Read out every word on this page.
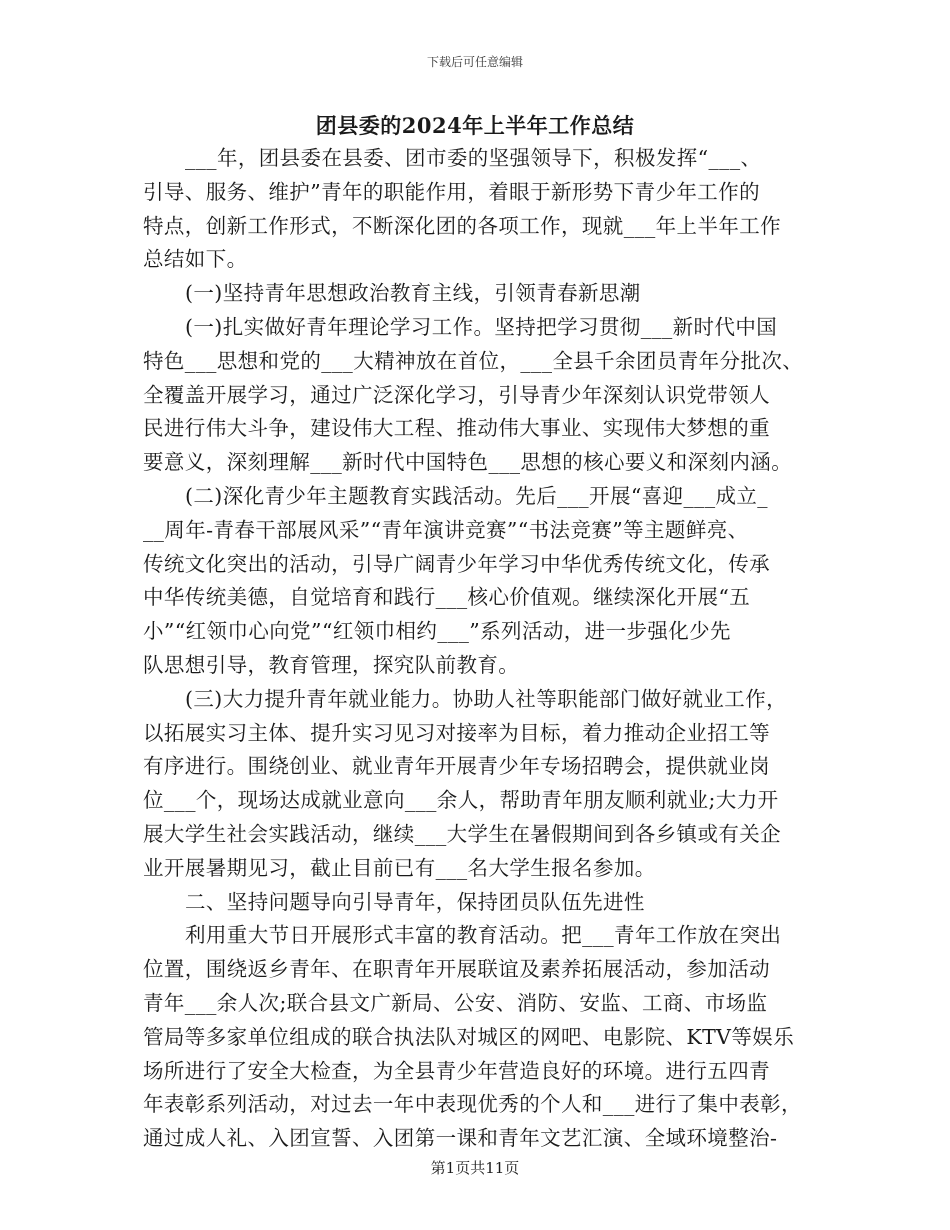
下载后可任意编辑
团县委的2024年上半年工作总结
___年，团县委在县委、团市委的坚强领导下，积极发挥“___、
引导、服务、维护”青年的职能作用，着眼于新形势下青少年工作的
特点，创新工作形式，不断深化团的各项工作，现就___年上半年工作
总结如下。
(一)坚持青年思想政治教育主线，引领青春新思潮
(一)扎实做好青年理论学习工作。坚持把学习贯彻___新时代中国
特色___思想和党的___大精神放在首位，___全县千余团员青年分批次、
全覆盖开展学习，通过广泛深化学习，引导青少年深刻认识党带领人
民进行伟大斗争，建设伟大工程、推动伟大事业、实现伟大梦想的重
要意义，深刻理解___新时代中国特色___思想的核心要义和深刻内涵。
(二)深化青少年主题教育实践活动。先后___开展“喜迎___成立_
__周年-青春干部展风采”“青年演讲竞赛”“书法竞赛”等主题鲜亮、
传统文化突出的活动，引导广阔青少年学习中华优秀传统文化，传承
中华传统美德，自觉培育和践行___核心价值观。继续深化开展“五
小”“红领巾心向党”“红领巾相约___”系列活动，进一步强化少先
队思想引导，教育管理，探究队前教育。
(三)大力提升青年就业能力。协助人社等职能部门做好就业工作，
以拓展实习主体、提升实习见习对接率为目标，着力推动企业招工等
有序进行。围绕创业、就业青年开展青少年专场招聘会，提供就业岗
位___个，现场达成就业意向___余人，帮助青年朋友顺利就业;大力开
展大学生社会实践活动，继续___大学生在暑假期间到各乡镇或有关企
业开展暑期见习，截止目前已有___名大学生报名参加。
二、坚持问题导向引导青年，保持团员队伍先进性
利用重大节日开展形式丰富的教育活动。把___青年工作放在突出
位置，围绕返乡青年、在职青年开展联谊及素养拓展活动，参加活动
青年___余人次;联合县文广新局、公安、消防、安监、工商、市场监
管局等多家单位组成的联合执法队对城区的网吧、电影院、KTV等娱乐
场所进行了安全大检查，为全县青少年营造良好的环境。进行五四青
年表彰系列活动，对过去一年中表现优秀的个人和___进行了集中表彰，
通过成人礼、入团宣誓、入团第一课和青年文艺汇演、全域环境整治-
第1页共11页
